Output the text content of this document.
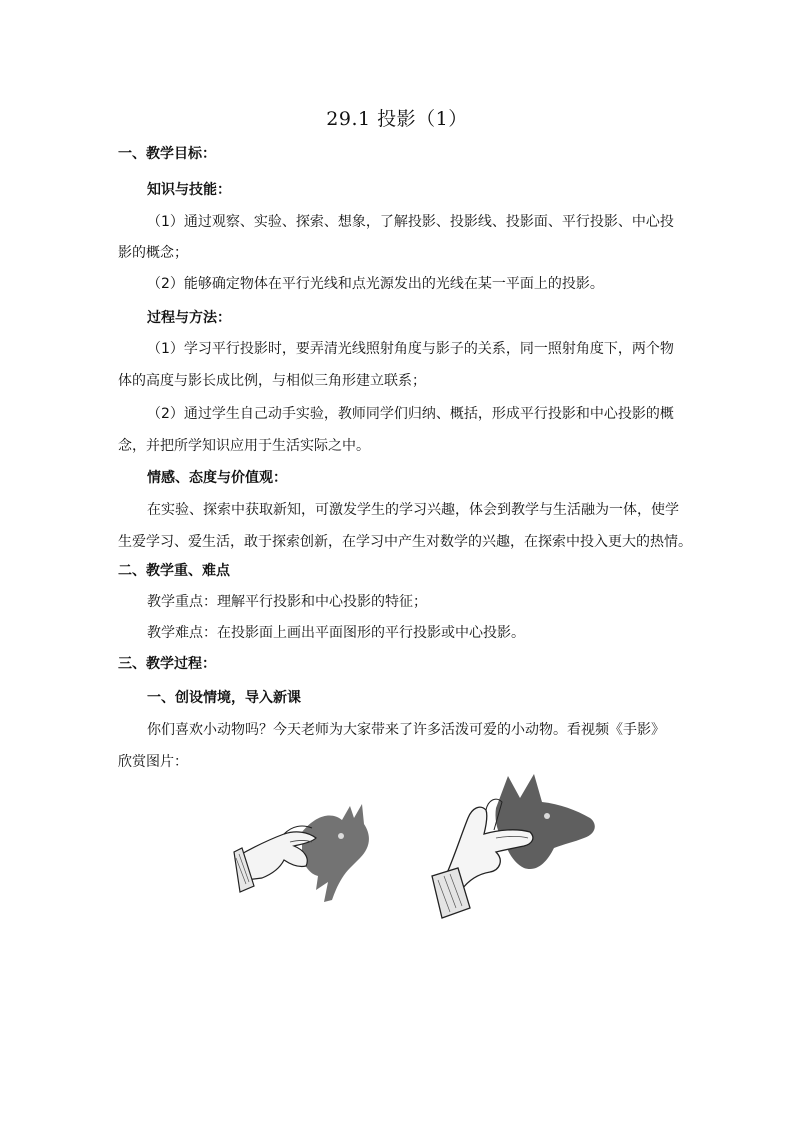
29.1 投影（1）
一、教学目标：
知识与技能：
（1）通过观察、实验、探索、想象，了解投影、投影线、投影面、平行投影、中心投
影的概念；
（2）能够确定物体在平行光线和点光源发出的光线在某一平面上的投影。
过程与方法：
（1）学习平行投影时，要弄清光线照射角度与影子的关系，同一照射角度下，两个物
体的高度与影长成比例，与相似三角形建立联系；
（2）通过学生自己动手实验，教师同学们归纳、概括，形成平行投影和中心投影的概
念，并把所学知识应用于生活实际之中。
情感、态度与价值观：
在实验、探索中获取新知，可激发学生的学习兴趣，体会到教学与生活融为一体，使学
生爱学习、爱生活，敢于探索创新，在学习中产生对数学的兴趣，在探索中投入更大的热情。
二、教学重、难点
教学重点：理解平行投影和中心投影的特征；
教学难点：在投影面上画出平面图形的平行投影或中心投影。
三、教学过程：
一、创设情境，导入新课
你们喜欢小动物吗？今天老师为大家带来了许多活泼可爱的小动物。看视频《手影》
欣赏图片：
